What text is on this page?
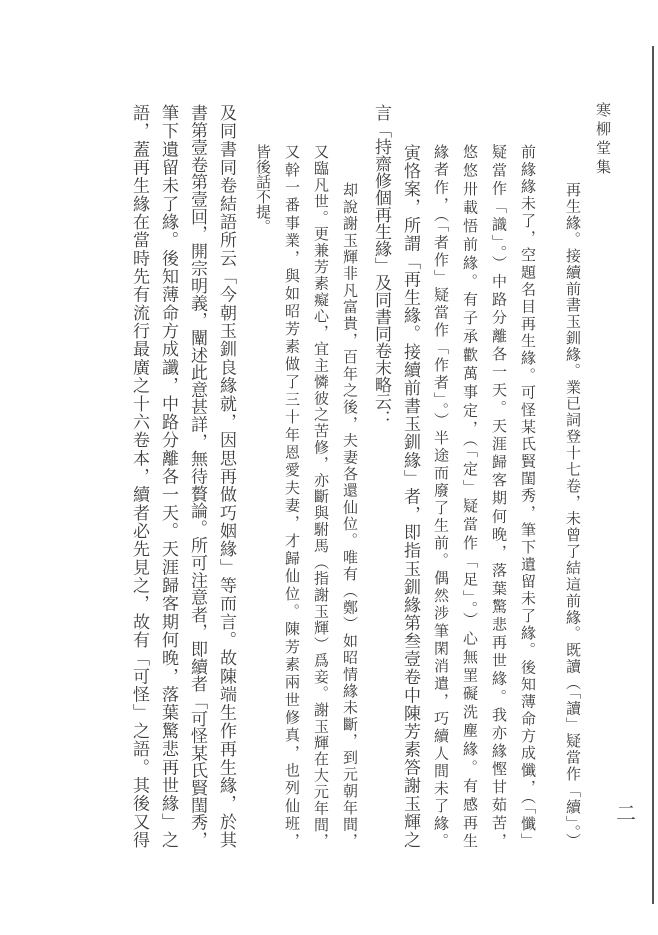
寒柳堂集
二
再生緣。接續前書玉釧緣。業已詞登十七卷，未曾了結這前緣。既讀（「讀」疑當作「續」。）
前緣緣未了，空題名目再生緣。可怪某氏賢閨秀，筆下遺留未了緣。後知薄命方成懺，（「懺」
疑當作「識」。）中路分離各一天。天涯歸客期何晚，落葉驚悲再世緣。我亦緣慳甘茹苦，
悠悠卅載悟前緣。有子承歡萬事定，（「定」疑當作「足」。）心無罣礙洗塵緣。有感再生
緣者作，（「者作」疑當作「作者」。）半途而廢了生前。偶然涉筆閑消遣，巧續人間未了緣。
寅恪案，所謂「再生緣。接續前書玉釧緣」者，即指玉釧緣第叁壹卷中陳芳素答謝玉輝之
言「持齋修個再生緣」及同書同卷末略云：
却說謝玉輝非凡富貴，百年之後，夫妻各還仙位。唯有（鄭）如昭情緣未斷，到元朝年間，
又臨凡世。更兼芳素癡心，宜主憐彼之苦修，亦斷與駙馬（指謝玉輝）爲妾。謝玉輝在大元年間，
又幹一番事業，與如昭芳素做了三十年恩愛夫妻，才歸仙位。陳芳素兩世修真，也列仙班，
皆後話不提。
及同書同卷結語所云「今朝玉釧良緣就，因思再做巧姻緣」等而言。故陳端生作再生緣，於其
書第壹卷第壹回，開宗明義，闡述此意甚詳，無待贅論。所可注意者，即續者「可怪某氏賢閨秀，
筆下遺留未了緣。後知薄命方成讖，中路分離各一天。天涯歸客期何晚，落葉驚悲再世緣」之
語，蓋再生緣在當時先有流行最廣之十六卷本，續者必先見之，故有「可怪」之語。其後又得
